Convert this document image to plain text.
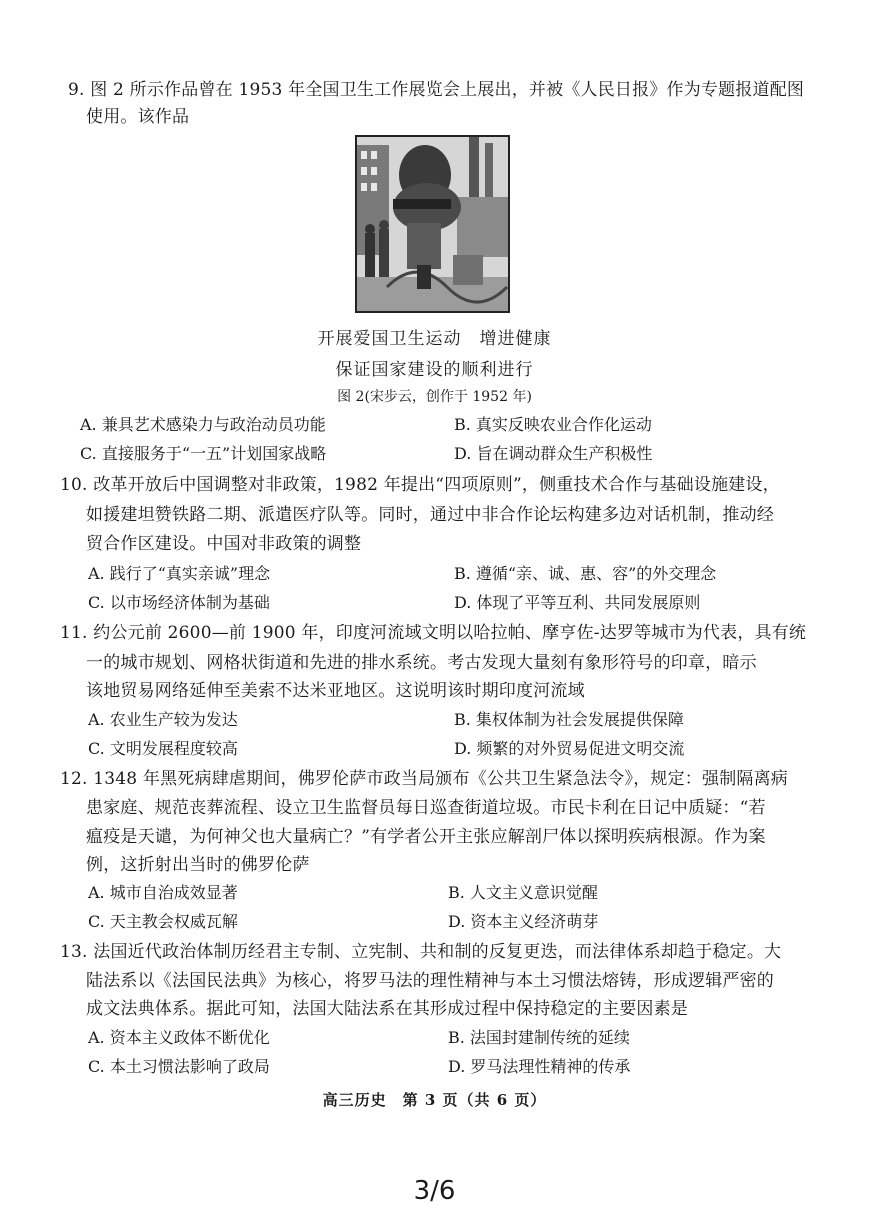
9. 图 2 所示作品曾在 1953 年全国卫生工作展览会上展出，并被《人民日报》作为专题报道配图
使用。该作品
开展爱国卫生运动　增进健康
保证国家建设的顺利进行
图 2(宋步云，创作于 1952 年)
A. 兼具艺术感染力与政治动员功能	B. 真实反映农业合作化运动
C. 直接服务于“一五”计划国家战略	D. 旨在调动群众生产积极性
10. 改革开放后中国调整对非政策，1982 年提出“四项原则”，侧重技术合作与基础设施建设，
如援建坦赞铁路二期、派遣医疗队等。同时，通过中非合作论坛构建多边对话机制，推动经
贸合作区建设。中国对非政策的调整
A. 践行了“真实亲诚”理念	B. 遵循“亲、诚、惠、容”的外交理念
C. 以市场经济体制为基础	D. 体现了平等互利、共同发展原则
11. 约公元前 2600—前 1900 年，印度河流域文明以哈拉帕、摩亨佐-达罗等城市为代表，具有统
一的城市规划、网格状街道和先进的排水系统。考古发现大量刻有象形符号的印章，暗示
该地贸易网络延伸至美索不达米亚地区。这说明该时期印度河流域
A. 农业生产较为发达	B. 集权体制为社会发展提供保障
C. 文明发展程度较高	D. 频繁的对外贸易促进文明交流
12. 1348 年黑死病肆虐期间，佛罗伦萨市政当局颁布《公共卫生紧急法令》，规定：强制隔离病
患家庭、规范丧葬流程、设立卫生监督员每日巡查街道垃圾。市民卡利在日记中质疑：“若
瘟疫是天谴，为何神父也大量病亡？”有学者公开主张应解剖尸体以探明疾病根源。作为案
例，这折射出当时的佛罗伦萨
A. 城市自治成效显著	B. 人文主义意识觉醒
C. 天主教会权威瓦解	D. 资本主义经济萌芽
13. 法国近代政治体制历经君主专制、立宪制、共和制的反复更迭，而法律体系却趋于稳定。大
陆法系以《法国民法典》为核心，将罗马法的理性精神与本土习惯法熔铸，形成逻辑严密的
成文法典体系。据此可知，法国大陆法系在其形成过程中保持稳定的主要因素是
A. 资本主义政体不断优化	B. 法国封建制传统的延续
C. 本土习惯法影响了政局	D. 罗马法理性精神的传承
高三历史　第 3 页（共 6 页）
3/6
